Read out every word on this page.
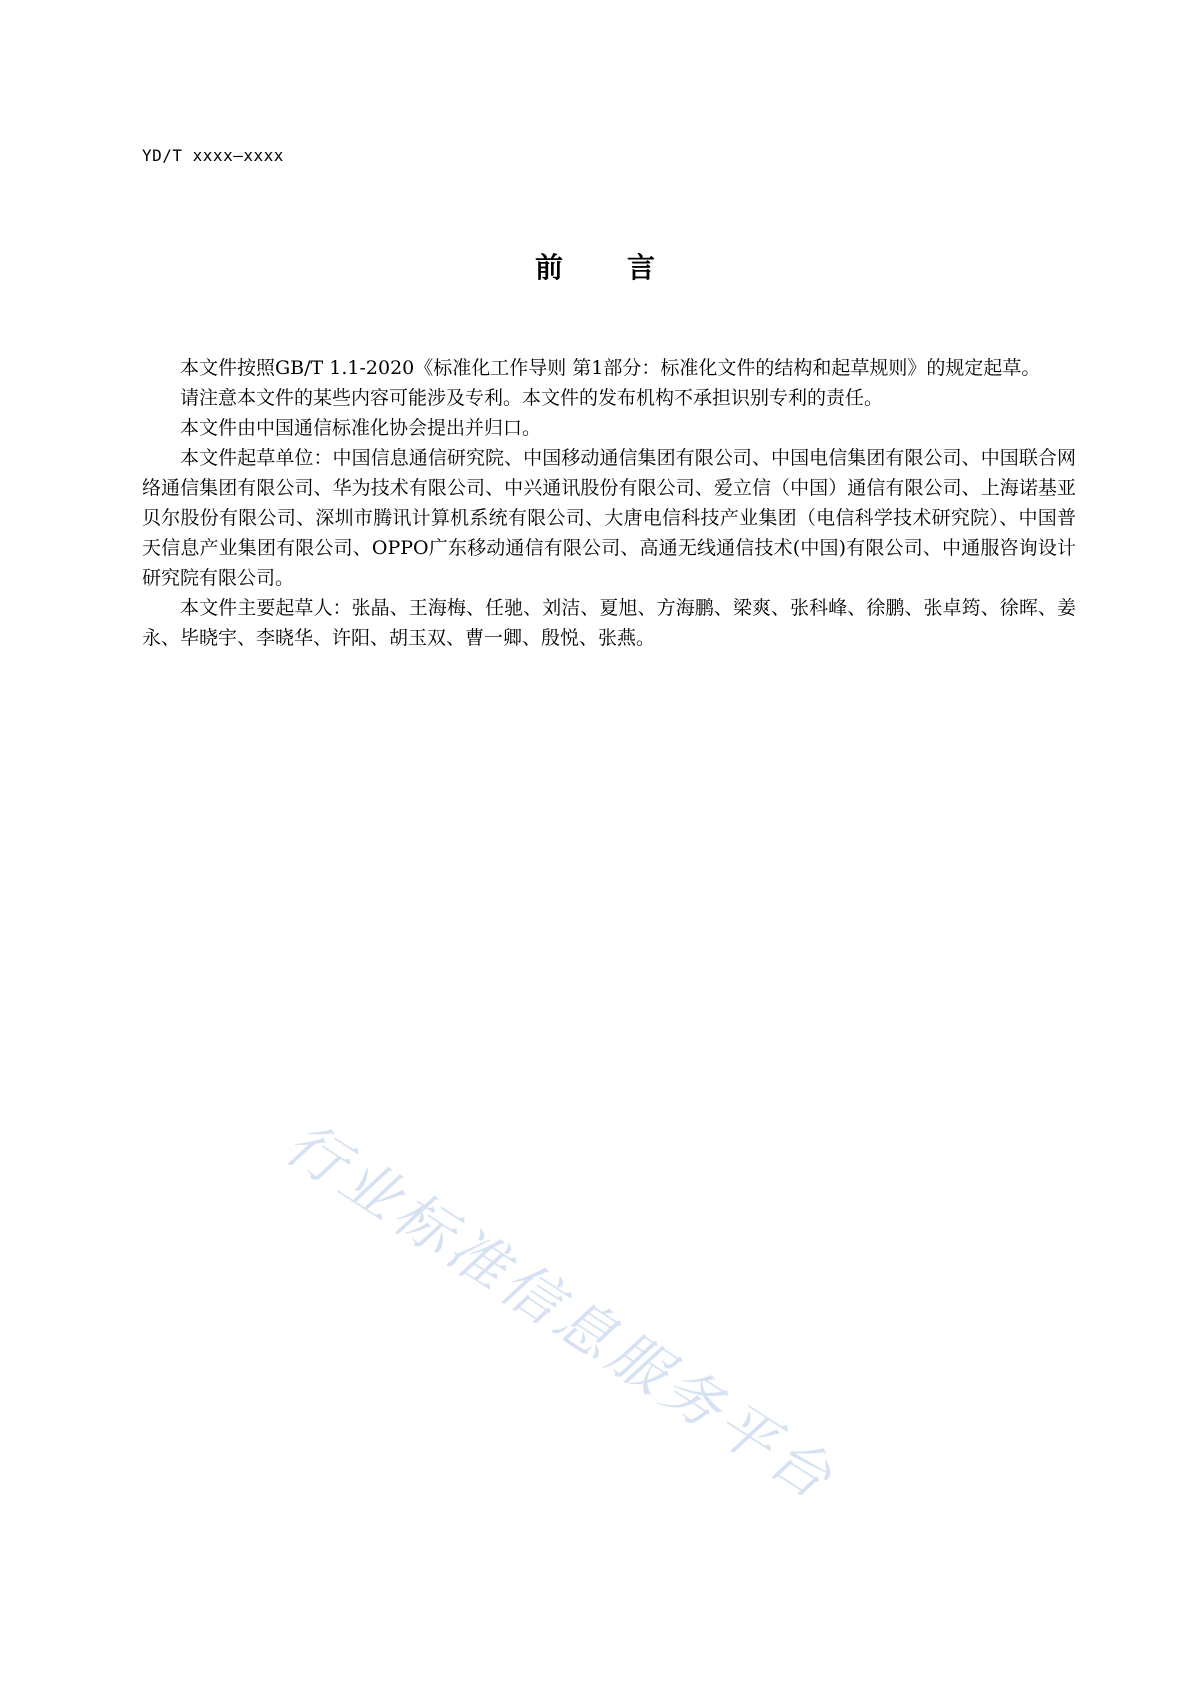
YD/T xxxx—xxxx
前言

本文件按照GB/T 1.1-2020《标准化工作导则 第1部分：标准化文件的结构和起草规则》的规定起草。

请注意本文件的某些内容可能涉及专利。本文件的发布机构不承担识别专利的责任。

本文件由中国通信标准化协会提出并归口。

本文件起草单位：中国信息通信研究院、中国移动通信集团有限公司、中国电信集团有限公司、中国联合网络通信集团有限公司、华为技术有限公司、中兴通讯股份有限公司、爱立信（中国）通信有限公司、上海诺基亚贝尔股份有限公司、深圳市腾讯计算机系统有限公司、大唐电信科技产业集团（电信科学技术研究院）、中国普天信息产业集团有限公司、OPPO广东移动通信有限公司、高通无线通信技术(中国)有限公司、中通服咨询设计研究院有限公司。

本文件主要起草人：张晶、王海梅、任驰、刘洁、夏旭、方海鹏、梁爽、张科峰、徐鹏、张卓筠、徐晖、姜永、毕晓宇、李晓华、许阳、胡玉双、曹一卿、殷悦、张燕。

行业标准信息服务平台
